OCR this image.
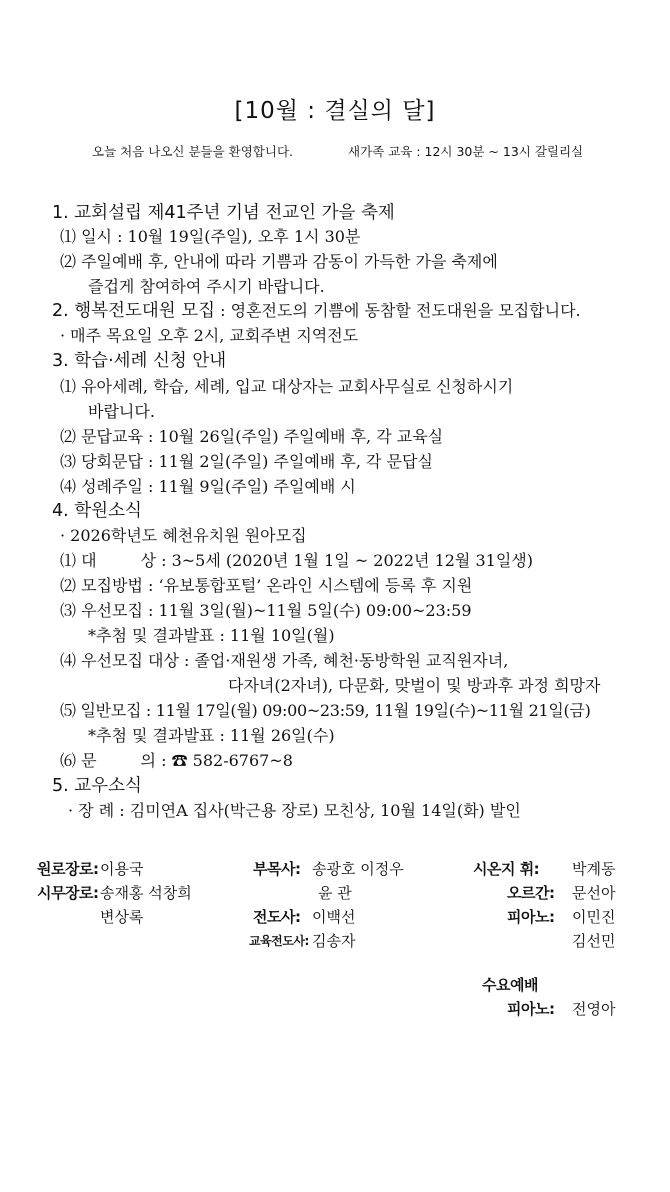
[10월 : 결실의 달]
오늘 처음 나오신 분들을 환영합니다.	새가족 교육 : 12시 30분 ~ 13시 갈릴리실
1. 교회설립 제41주년 기념 전교인 가을 축제
⑴ 일시 : 10월 19일(주일), 오후 1시 30분
⑵ 주일예배 후, 안내에 따라 기쁨과 감동이 가득한 가을 축제에
즐겁게 참여하여 주시기 바랍니다.
2. 행복전도대원 모집 : 영혼전도의 기쁨에 동참할 전도대원을 모집합니다.
· 매주 목요일 오후 2시, 교회주변 지역전도
3. 학습·세례 신청 안내
⑴ 유아세례, 학습, 세례, 입교 대상자는 교회사무실로 신청하시기
바랍니다.
⑵ 문답교육 : 10월 26일(주일) 주일예배 후, 각 교육실
⑶ 당회문답 : 11월 2일(주일) 주일예배 후, 각 문답실
⑷ 성례주일 : 11월 9일(주일) 주일예배 시
4. 학원소식
· 2026학년도 혜천유치원 원아모집
⑴ 대	상 : 3~5세 (2020년 1월 1일 ~ 2022년 12월 31일생)
⑵ 모집방법 : ‘유보통합포털’ 온라인 시스템에 등록 후 지원
⑶ 우선모집 : 11월 3일(월)~11월 5일(수) 09:00~23:59
*추첨 및 결과발표 : 11월 10일(월)
⑷ 우선모집 대상 : 졸업·재원생 가족, 혜천·동방학원 교직원자녀,
다자녀(2자녀), 다문화, 맞벌이 및 방과후 과정 희망자
⑸ 일반모집 : 11월 17일(월) 09:00~23:59, 11월 19일(수)~11월 21일(금)
*추첨 및 결과발표 : 11월 26일(수)
⑹ 문	의 : ☎ 582-6767~8
5. 교우소식
· 장 례 : 김미연A 집사(박근용 장로) 모친상, 10월 14일(화) 발인
원로장로: 이용국
시무장로: 송재홍 석창희
변상록
부목사: 송광호 이정우
윤 관
전도사: 이백선
교육전도사: 김송자
시온지 휘: 박계동
오르간: 문선아
피아노: 이민진
김선민
수요예배
피아노: 전영아
